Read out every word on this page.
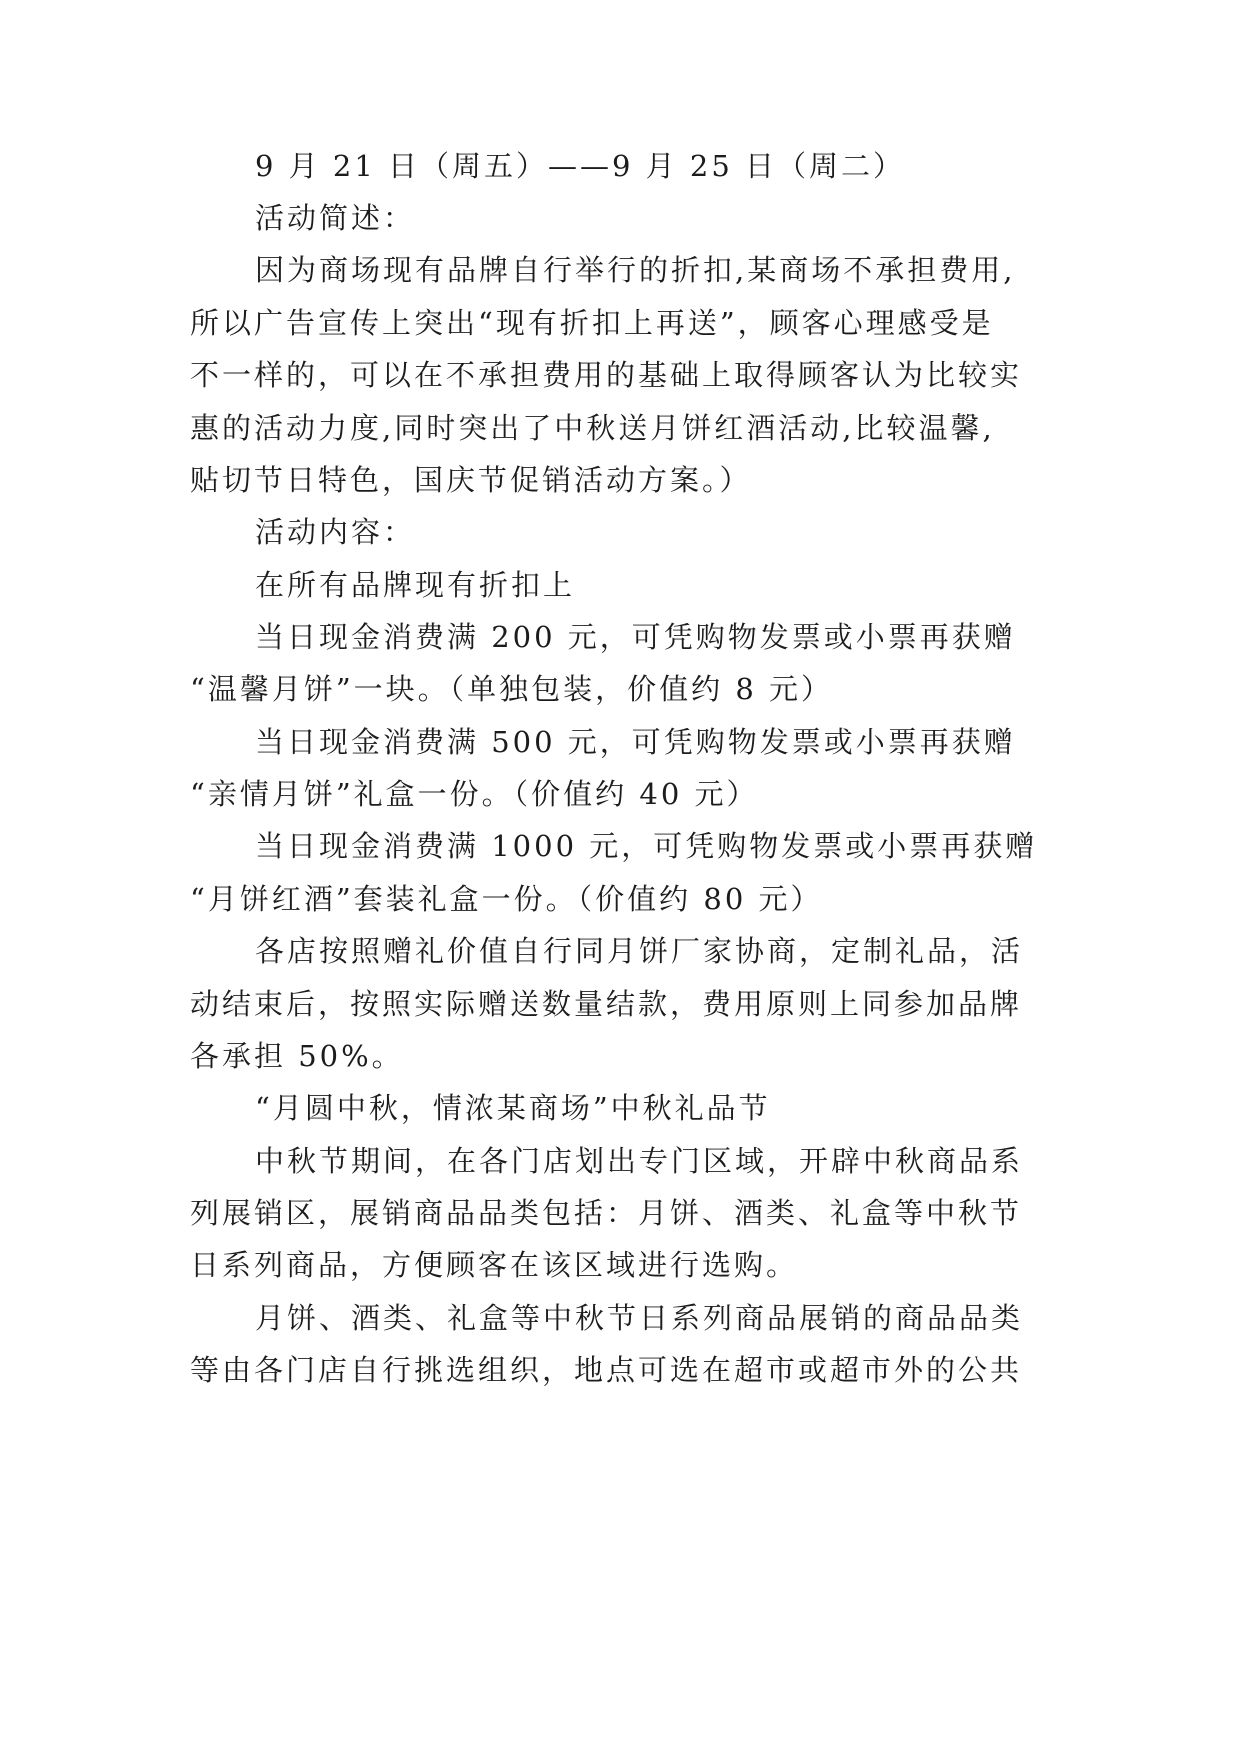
9 月 21 日（周五）——9 月 25 日（周二）
活动简述：
因为商场现有品牌自行举行的折扣,某商场不承担费用,
所以广告宣传上突出“现有折扣上再送”，顾客心理感受是
不一样的，可以在不承担费用的基础上取得顾客认为比较实
惠的活动力度,同时突出了中秋送月饼红酒活动,比较温馨,
贴切节日特色，国庆节促销活动方案。）
活动内容：
在所有品牌现有折扣上
当日现金消费满 200 元，可凭购物发票或小票再获赠
“温馨月饼”一块。（单独包装，价值约 8 元）
当日现金消费满 500 元，可凭购物发票或小票再获赠
“亲情月饼”礼盒一份。（价值约 40 元）
当日现金消费满 1000 元，可凭购物发票或小票再获赠
“月饼红酒”套装礼盒一份。（价值约 80 元）
各店按照赠礼价值自行同月饼厂家协商，定制礼品，活
动结束后，按照实际赠送数量结款，费用原则上同参加品牌
各承担 50%。
“月圆中秋，情浓某商场”中秋礼品节
中秋节期间，在各门店划出专门区域，开辟中秋商品系
列展销区，展销商品品类包括：月饼、酒类、礼盒等中秋节
日系列商品，方便顾客在该区域进行选购。
月饼、酒类、礼盒等中秋节日系列商品展销的商品品类
等由各门店自行挑选组织，地点可选在超市或超市外的公共
